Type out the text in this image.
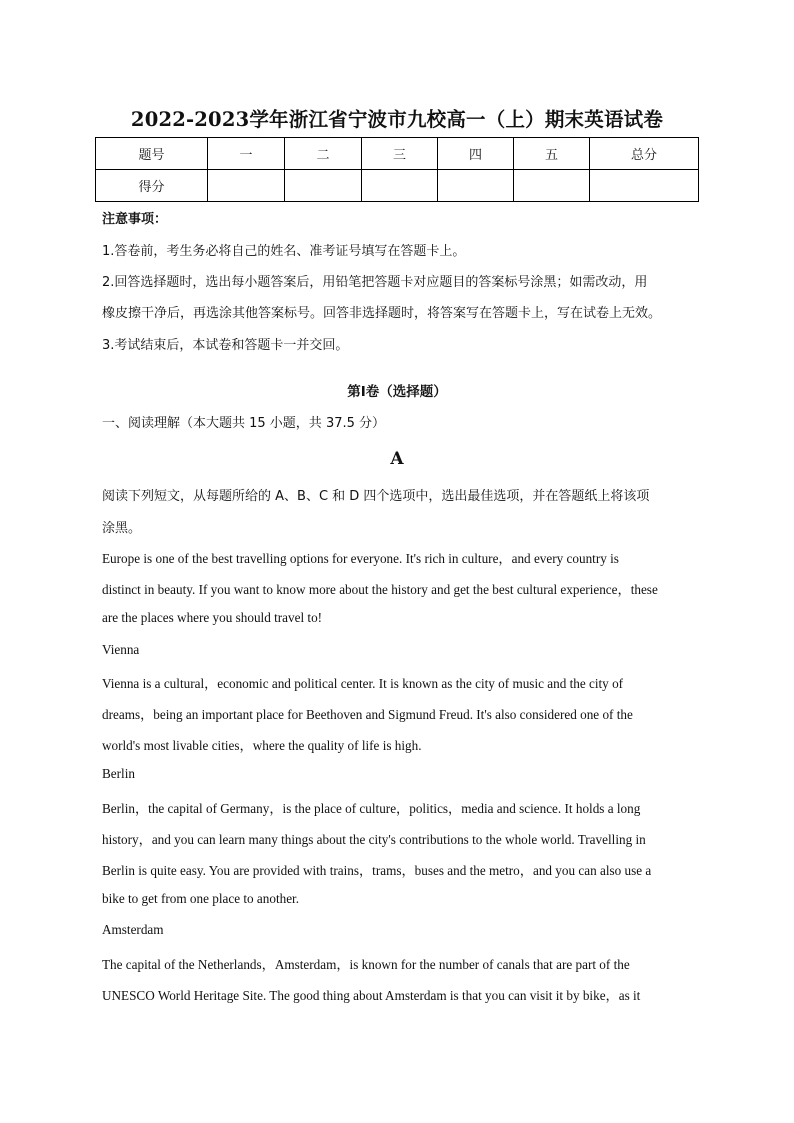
2022-2023学年浙江省宁波市九校高一（上）期末英语试卷
题号	一	二	三	四	五	总分
得分						
注意事项：
1.答卷前，考生务必将自己的姓名、准考证号填写在答题卡上。
2.回答选择题时，选出每小题答案后，用铅笔把答题卡对应题目的答案标号涂黑；如需改动，用
橡皮擦干净后，再选涂其他答案标号。回答非选择题时，将答案写在答题卡上，写在试卷上无效。
3.考试结束后，本试卷和答题卡一并交回。
第Ⅰ卷（选择题）
一、阅读理解（本大题共 15 小题，共 37.5 分）
A
阅读下列短文，从每题所给的 A、B、C 和 D 四个选项中，选出最佳选项，并在答题纸上将该项
涂黑。
Europe is one of the best travelling options for everyone. It's rich in culture，and every country is
distinct in beauty. If you want to know more about the history and get the best cultural experience，these
are the places where you should travel to!
Vienna
Vienna is a cultural，economic and political center. It is known as the city of music and the city of
dreams，being an important place for Beethoven and Sigmund Freud. It's also considered one of the
world's most livable cities，where the quality of life is high.
Berlin
Berlin，the capital of Germany，is the place of culture，politics，media and science. It holds a long
history，and you can learn many things about the city's contributions to the whole world. Travelling in
Berlin is quite easy. You are provided with trains，trams，buses and the metro，and you can also use a
bike to get from one place to another.
Amsterdam
The capital of the Netherlands，Amsterdam，is known for the number of canals that are part of the
UNESCO World Heritage Site. The good thing about Amsterdam is that you can visit it by bike，as it
